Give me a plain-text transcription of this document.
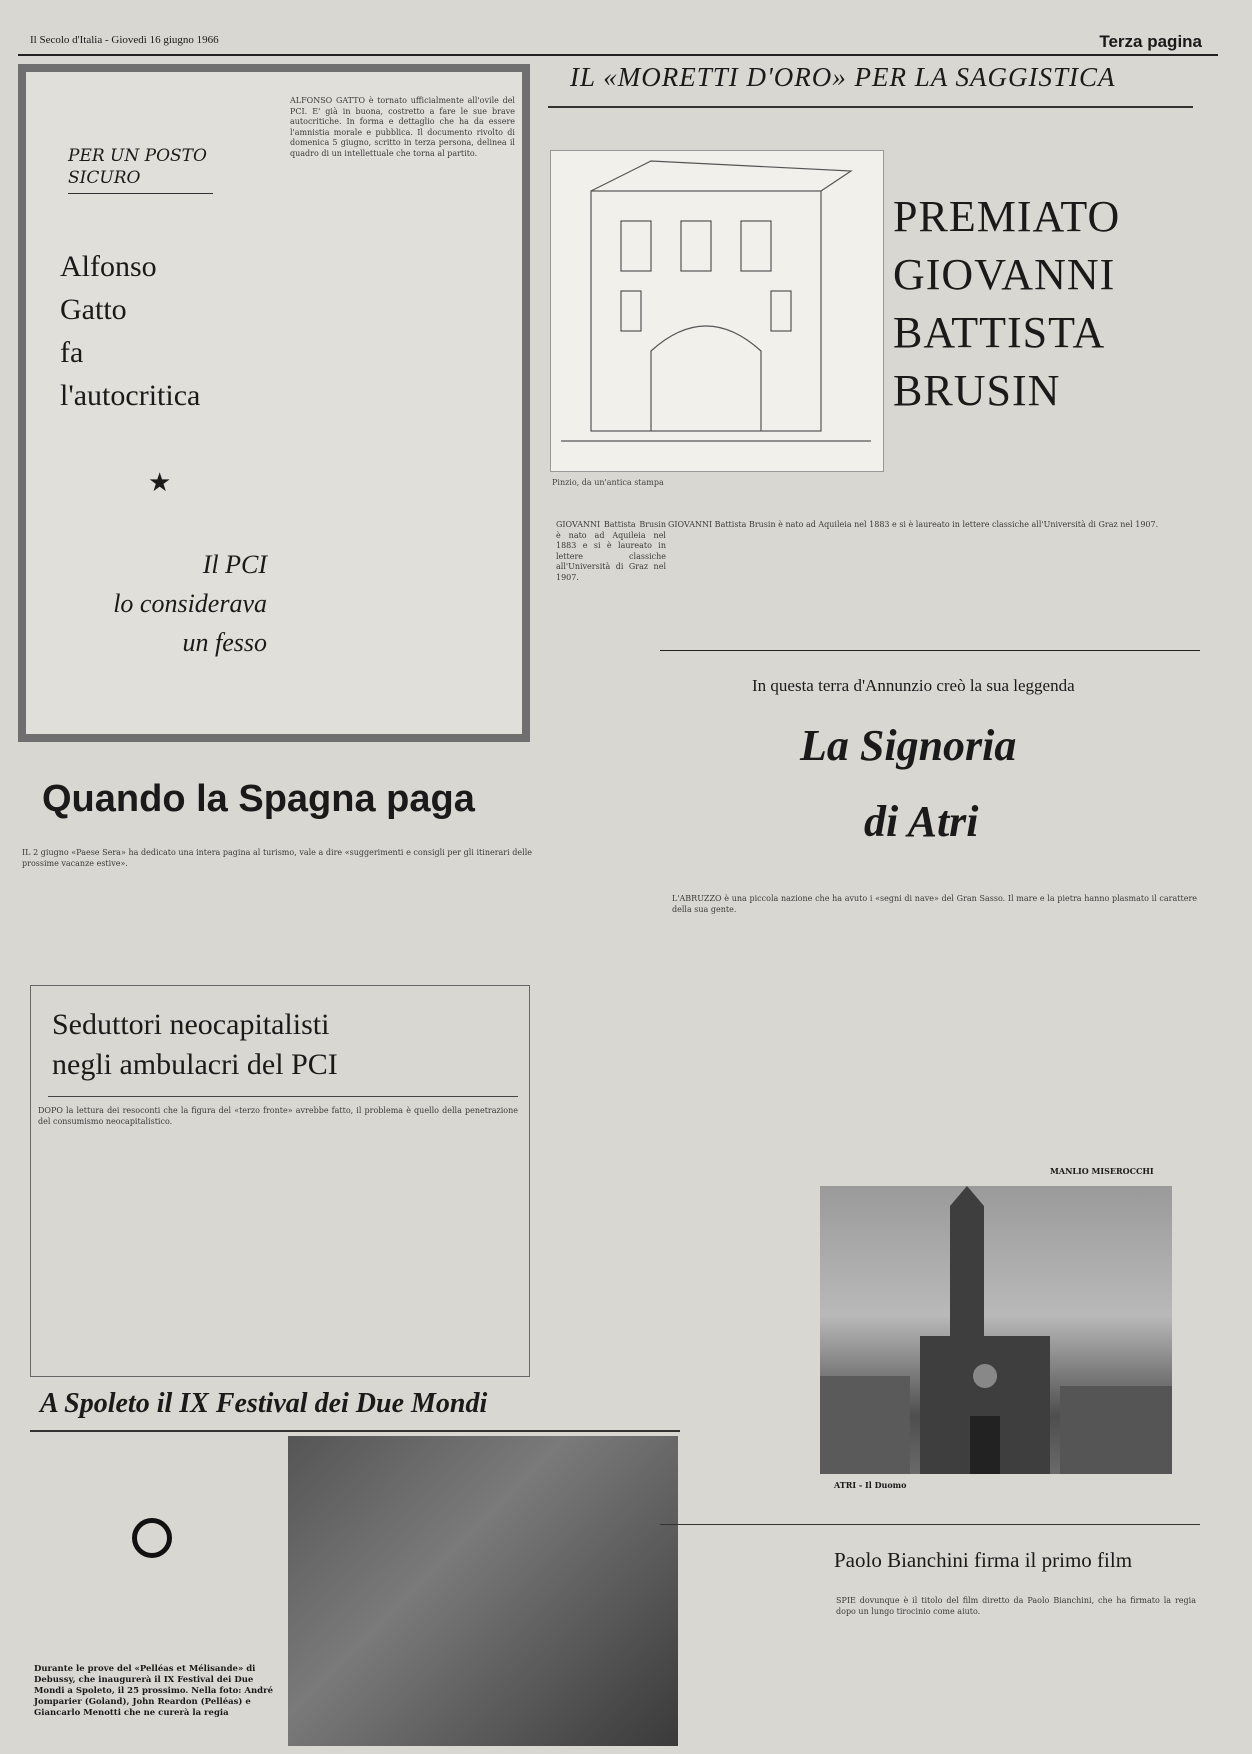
Il Secolo d'Italia - Giovedì 16 giugno 1966	Terza pagina
PER UN POSTO SICURO
Alfonso
Gatto
fa
l'autocritica
★
Il PCI
lo considerava
un fesso

ALFONSO GATTO è tornato ufficialmente all'ovile del PCI. E' già in buona, costretto a fare le sue brave autocritiche. In forma e dettaglio che ha da essere l'amnistia morale e pubblica. Il documento rivolto di domenica 5 giugno, scritto in terza persona, delinea il quadro di un intellettuale che torna al partito.

IL «MORETTI D'ORO» PER LA SAGGISTICA
Pinzio, da un'antica stampa
PREMIATO
GIOVANNI
BATTISTA
BRUSIN

GIOVANNI Battista Brusin è nato ad Aquileia nel 1883 e si è laureato in lettere classiche all'Università di Graz nel 1907.

Quando la Spagna paga

IL 2 giugno «Paese Sera» ha dedicato una intera pagina al turismo, vale a dire «suggerimenti e consigli per gli itinerari delle prossime vacanze estive».

Seduttori neocapitalisti
negli ambulacri del PCI

DOPO la lettura dei resoconti che la figura del «terzo fronte» avrebbe fatto, il problema è quello della penetrazione del consumismo neocapitalistico.

A Spoleto il IX Festival dei Due Mondi
Durante le prove del «Pelléas et Mélisande» di Debussy, che inaugurerà il IX Festival dei Due Mondi a Spoleto, il 25 prossimo. Nella foto: André Jomparier (Goland), John Reardon (Pelléas) e Giancarlo Menotti che ne curerà la regia

GIOVANNI Battista Brusin è nato ad Aquileia nel 1883 e si è laureato in lettere classiche all'Università di Graz nel 1907.

In questa terra d'Annunzio creò la sua leggenda
La Signoria
di Atri

L'ABRUZZO è una piccola nazione che ha avuto i «segni di nave» del Gran Sasso. Il mare e la pietra hanno plasmato il carattere della sua gente.

MANLIO MISEROCCHI
ATRI - Il Duomo
Paolo Bianchini firma il primo film

SPIE dovunque è il titolo del film diretto da Paolo Bianchini, che ha firmato la regia dopo un lungo tirocinio come aiuto.
